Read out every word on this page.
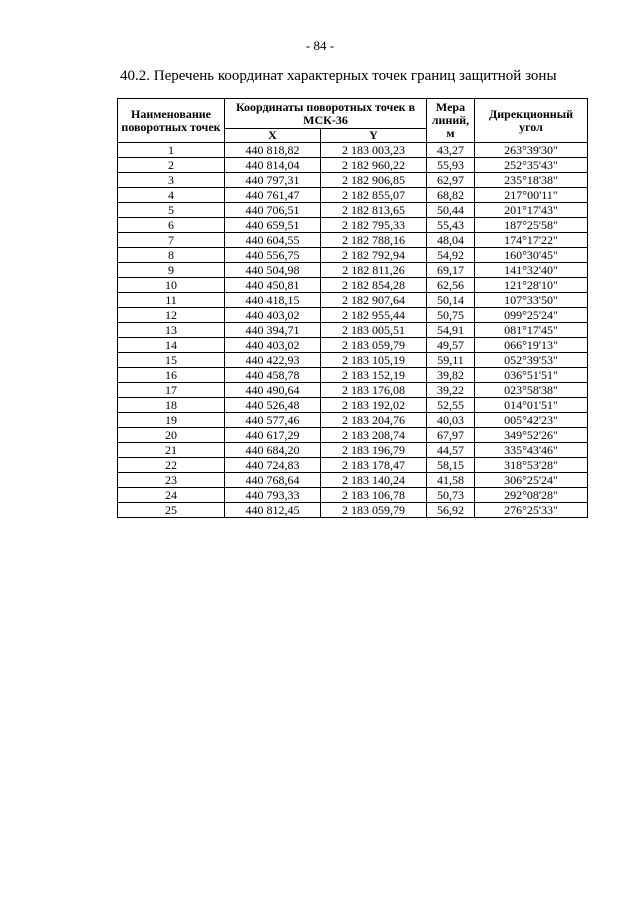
- 84 -
40.2. Перечень координат характерных точек границ защитной зоны
Наименование поворотных точек	Координаты поворотных точек в МСК-36		Мера линий, м	Дирекционный угол
	X	Y		
1	440 818,82	2 183 003,23	43,27	263°39'30"
2	440 814,04	2 182 960,22	55,93	252°35'43"
3	440 797,31	2 182 906,85	62,97	235°18'38"
4	440 761,47	2 182 855,07	68,82	217°00'11"
5	440 706,51	2 182 813,65	50,44	201°17'43"
6	440 659,51	2 182 795,33	55,43	187°25'58"
7	440 604,55	2 182 788,16	48,04	174°17'22"
8	440 556,75	2 182 792,94	54,92	160°30'45"
9	440 504,98	2 182 811,26	69,17	141°32'40"
10	440 450,81	2 182 854,28	62,56	121°28'10"
11	440 418,15	2 182 907,64	50,14	107°33'50"
12	440 403,02	2 182 955,44	50,75	099°25'24"
13	440 394,71	2 183 005,51	54,91	081°17'45"
14	440 403,02	2 183 059,79	49,57	066°19'13"
15	440 422,93	2 183 105,19	59,11	052°39'53"
16	440 458,78	2 183 152,19	39,82	036°51'51"
17	440 490,64	2 183 176,08	39,22	023°58'38"
18	440 526,48	2 183 192,02	52,55	014°01'51"
19	440 577,46	2 183 204,76	40,03	005°42'23"
20	440 617,29	2 183 208,74	67,97	349°52'26"
21	440 684,20	2 183 196,79	44,57	335°43'46"
22	440 724,83	2 183 178,47	58,15	318°53'28"
23	440 768,64	2 183 140,24	41,58	306°25'24"
24	440 793,33	2 183 106,78	50,73	292°08'28"
25	440 812,45	2 183 059,79	56,92	276°25'33"
